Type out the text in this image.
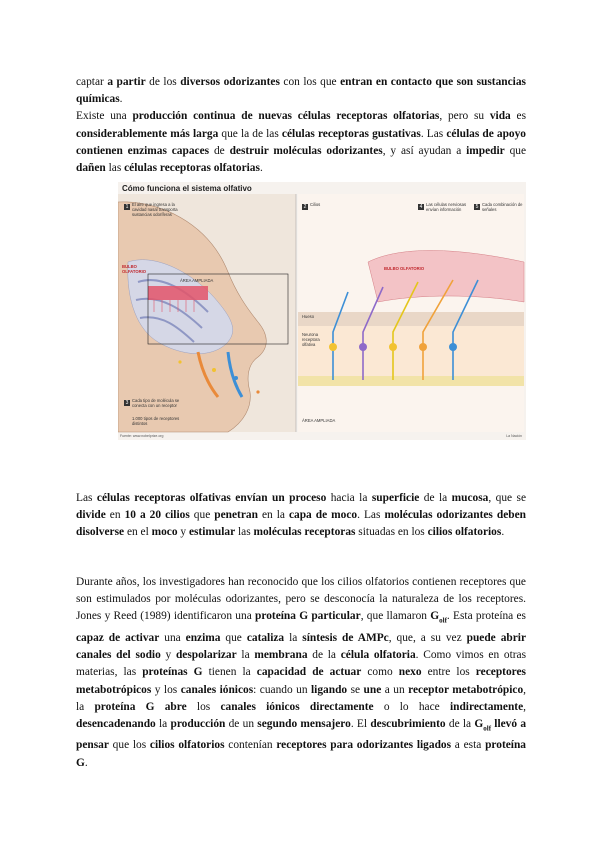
captar a partir de los diversos odorizantes con los que entran en contacto que son sustancias químicas.
Existe una producción continua de nuevas células receptoras olfatorias, pero su vida es considerablemente más larga que la de las células receptoras gustativas. Las células de apoyo contienen enzimas capaces de destruir moléculas odorizantes, y así ayudan a impedir que dañen las células receptoras olfatorias.

Cómo funciona el sistema olfativo
1 El aire que ingresa a la cavidad nasal transporta sustancias odoríferas
BULBO OLFATORIO
ÁREA AMPLIADA
3 Cada tipo de molécula se conecta con un receptor
1.000 tipos de receptores distintos
2 Cilios	4 Las células nerviosas envían información	5 Cada combinación de señales
BULBO OLFATORIO
Hueso
Neurona receptora olfativa
ÁREA AMPLIADA
Fuente: www.nobelprize.org	La Nación

Las células receptoras olfativas envían un proceso hacia la superficie de la mucosa, que se divide en 10 a 20 cilios que penetran en la capa de moco. Las moléculas odorizantes deben disolverse en el moco y estimular las moléculas receptoras situadas en los cilios olfatorios.

Durante años, los investigadores han reconocido que los cilios olfatorios contienen receptores que son estimulados por moléculas odorizantes, pero se desconocía la naturaleza de los receptores. Jones y Reed (1989) identificaron una proteína G particular, que llamaron $G_{olf}$. Esta proteína es capaz de activar una enzima que cataliza la síntesis de AMPc, que, a su vez puede abrir canales del sodio y despolarizar la membrana de la célula olfatoria. Como vimos en otras materias, las proteínas G tienen la capacidad de actuar como nexo entre los receptores metabotrópicos y los canales iónicos: cuando un ligando se une a un receptor metabotrópico, la proteína G abre los canales iónicos directamente o lo hace indirectamente, desencadenando la producción de un segundo mensajero. El descubrimiento de la $G_{olf}$ llevó a pensar que los cilios olfatorios contenían receptores para odorizantes ligados a esta proteína G.
